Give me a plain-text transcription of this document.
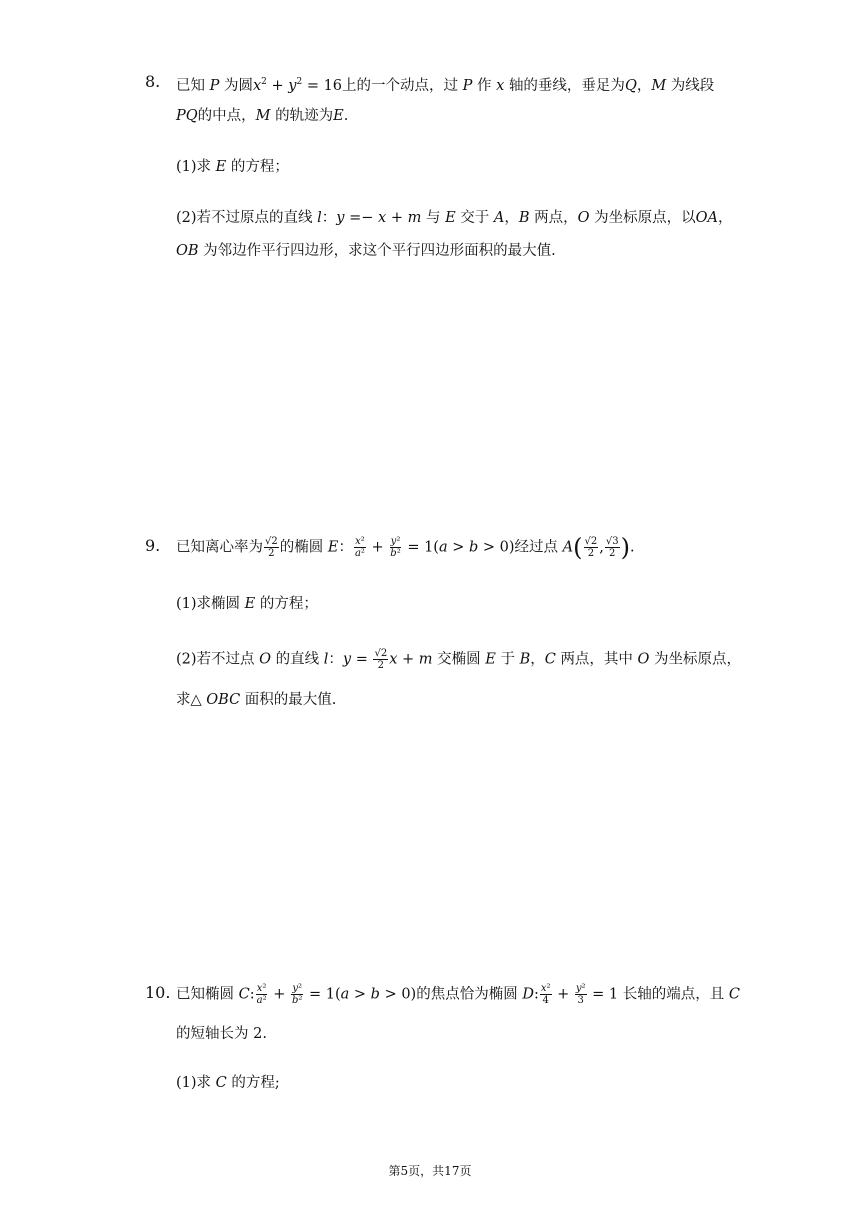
8. 已知 P 为圆$x^2 + y^2 = 16$上的一个动点，过 P 作 x 轴的垂线，垂足为Q，M 为线段
PQ的中点，M 的轨迹为E.
(1)求 E 的方程；
(2)若不过原点的直线 l：y =− x + m 与 E 交于 A，B 两点，O 为坐标原点，以OA，
OB 为邻边作平行四边形，求这个平行四边形面积的最大值.
9. 已知离心率为 $\frac{√2}{2}$ 的椭圆 E： $\frac{\text{x²}}{\text{a²}} + \frac{\text{y²}}{\text{b²}} = 1(a > b > 0)$经过点 $A( \frac{√2}{2}$ , $\frac{√3}{2}$ ).
(1)求椭圆 E 的方程；
(2)若不过点 O 的直线 l：$y = \frac{√2}{2}$ x + m 交椭圆 E 于 B，C 两点，其中 O 为坐标原点，
求△ OBC 面积的最大值.
10. 已知椭圆 C: $\frac{\text{x²}}{\text{a²}} + \frac{\text{y²}}{\text{b²}} = 1(a > b > 0)$的焦点恰为椭圆 D: $\frac{\text{x²}}{4} + \frac{\text{y²}}{3} = 1$ 长轴的端点，且 C
的短轴长为 2.
(1)求 C 的方程;
第5页，共17页
